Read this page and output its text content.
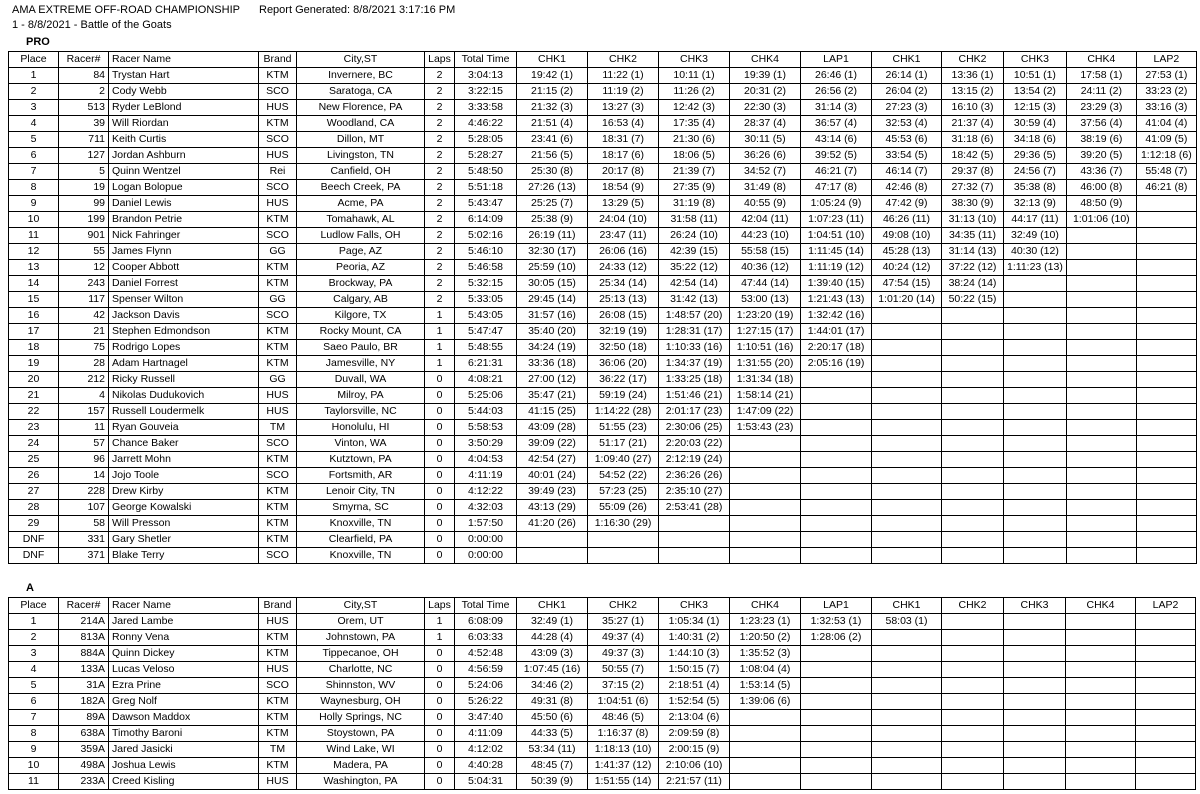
AMA EXTREME OFF-ROAD CHAMPIONSHIP Report Generated: 8/8/2021 3:17:16 PM
1 - 8/8/2021 - Battle of the Goats
PRO
Place	Racer#	Racer Name	Brand	City,ST	Laps	Total Time	CHK1	CHK2	CHK3	CHK4	LAP1	CHK1	CHK2	CHK3	CHK4	LAP2
1	84	Trystan Hart	KTM	Invernere, BC	2	3:04:13	19:42 (1)	11:22 (1)	10:11 (1)	19:39 (1)	26:46 (1)	26:14 (1)	13:36 (1)	10:51 (1)	17:58 (1)	27:53 (1)
2	2	Cody Webb	SCO	Saratoga, CA	2	3:22:15	21:15 (2)	11:19 (2)	11:26 (2)	20:31 (2)	26:56 (2)	26:04 (2)	13:15 (2)	13:54 (2)	24:11 (2)	33:23 (2)
3	513	Ryder LeBlond	HUS	New Florence, PA	2	3:33:58	21:32 (3)	13:27 (3)	12:42 (3)	22:30 (3)	31:14 (3)	27:23 (3)	16:10 (3)	12:15 (3)	23:29 (3)	33:16 (3)
4	39	Will Riordan	KTM	Woodland, CA	2	4:46:22	21:51 (4)	16:53 (4)	17:35 (4)	28:37 (4)	36:57 (4)	32:53 (4)	21:37 (4)	30:59 (4)	37:56 (4)	41:04 (4)
5	711	Keith Curtis	SCO	Dillon, MT	2	5:28:05	23:41 (6)	18:31 (7)	21:30 (6)	30:11 (5)	43:14 (6)	45:53 (6)	31:18 (6)	34:18 (6)	38:19 (6)	41:09 (5)
6	127	Jordan Ashburn	HUS	Livingston, TN	2	5:28:27	21:56 (5)	18:17 (6)	18:06 (5)	36:26 (6)	39:52 (5)	33:54 (5)	18:42 (5)	29:36 (5)	39:20 (5)	1:12:18 (6)
7	5	Quinn Wentzel	Rei	Canfield, OH	2	5:48:50	25:30 (8)	20:17 (8)	21:39 (7)	34:52 (7)	46:21 (7)	46:14 (7)	29:37 (8)	24:56 (7)	43:36 (7)	55:48 (7)
8	19	Logan Bolopue	SCO	Beech Creek, PA	2	5:51:18	27:26 (13)	18:54 (9)	27:35 (9)	31:49 (8)	47:17 (8)	42:46 (8)	27:32 (7)	35:38 (8)	46:00 (8)	46:21 (8)
9	99	Daniel Lewis	HUS	Acme, PA	2	5:43:47	25:25 (7)	13:29 (5)	31:19 (8)	40:55 (9)	1:05:24 (9)	47:42 (9)	38:30 (9)	32:13 (9)	48:50 (9)	
10	199	Brandon Petrie	KTM	Tomahawk, AL	2	6:14:09	25:38 (9)	24:04 (10)	31:58 (11)	42:04 (11)	1:07:23 (11)	46:26 (11)	31:13 (10)	44:17 (11)	1:01:06 (10)	
11	901	Nick Fahringer	SCO	Ludlow Falls, OH	2	5:02:16	26:19 (11)	23:47 (11)	26:24 (10)	44:23 (10)	1:04:51 (10)	49:08 (10)	34:35 (11)	32:49 (10)		
12	55	James Flynn	GG	Page, AZ	2	5:46:10	32:30 (17)	26:06 (16)	42:39 (15)	55:58 (15)	1:11:45 (14)	45:28 (13)	31:14 (13)	40:30 (12)		
13	12	Cooper Abbott	KTM	Peoria, AZ	2	5:46:58	25:59 (10)	24:33 (12)	35:22 (12)	40:36 (12)	1:11:19 (12)	40:24 (12)	37:22 (12)	1:11:23 (13)		
14	243	Daniel Forrest	KTM	Brockway, PA	2	5:32:15	30:05 (15)	25:34 (14)	42:54 (14)	47:44 (14)	1:39:40 (15)	47:54 (15)	38:24 (14)			
15	117	Spenser Wilton	GG	Calgary, AB	2	5:33:05	29:45 (14)	25:13 (13)	31:42 (13)	53:00 (13)	1:21:43 (13)	1:01:20 (14)	50:22 (15)			
16	42	Jackson Davis	SCO	Kilgore, TX	1	5:43:05	31:57 (16)	26:08 (15)	1:48:57 (20)	1:23:20 (19)	1:32:42 (16)					
17	21	Stephen Edmondson	KTM	Rocky Mount, CA	1	5:47:47	35:40 (20)	32:19 (19)	1:28:31 (17)	1:27:15 (17)	1:44:01 (17)					
18	75	Rodrigo Lopes	KTM	Saeo Paulo, BR	1	5:48:55	34:24 (19)	32:50 (18)	1:10:33 (16)	1:10:51 (16)	2:20:17 (18)					
19	28	Adam Hartnagel	KTM	Jamesville, NY	1	6:21:31	33:36 (18)	36:06 (20)	1:34:37 (19)	1:31:55 (20)	2:05:16 (19)					
20	212	Ricky Russell	GG	Duvall, WA	0	4:08:21	27:00 (12)	36:22 (17)	1:33:25 (18)	1:31:34 (18)						
21	4	Nikolas Dudukovich	HUS	Milroy, PA	0	5:25:06	35:47 (21)	59:19 (24)	1:51:46 (21)	1:58:14 (21)						
22	157	Russell Loudermelk	HUS	Taylorsville, NC	0	5:44:03	41:15 (25)	1:14:22 (28)	2:01:17 (23)	1:47:09 (22)						
23	11	Ryan Gouveia	TM	Honolulu, HI	0	5:58:53	43:09 (28)	51:55 (23)	2:30:06 (25)	1:53:43 (23)						
24	57	Chance Baker	SCO	Vinton, WA	0	3:50:29	39:09 (22)	51:17 (21)	2:20:03 (22)							
25	96	Jarrett Mohn	KTM	Kutztown, PA	0	4:04:53	42:54 (27)	1:09:40 (27)	2:12:19 (24)							
26	14	Jojo Toole	SCO	Fortsmith, AR	0	4:11:19	40:01 (24)	54:52 (22)	2:36:26 (26)							
27	228	Drew Kirby	KTM	Lenoir City, TN	0	4:12:22	39:49 (23)	57:23 (25)	2:35:10 (27)							
28	107	George Kowalski	KTM	Smyrna, SC	0	4:32:03	43:13 (29)	55:09 (26)	2:53:41 (28)							
29	58	Will Presson	KTM	Knoxville, TN	0	1:57:50	41:20 (26)	1:16:30 (29)								
DNF	331	Gary Shetler	KTM	Clearfield, PA	0	0:00:00										
DNF	371	Blake Terry	SCO	Knoxville, TN	0	0:00:00										
A
Place	Racer#	Racer Name	Brand	City,ST	Laps	Total Time	CHK1	CHK2	CHK3	CHK4	LAP1	CHK1	CHK2	CHK3	CHK4	LAP2
1	214A	Jared Lambe	HUS	Orem, UT	1	6:08:09	32:49 (1)	35:27 (1)	1:05:34 (1)	1:23:23 (1)	1:32:53 (1)	58:03 (1)				
2	813A	Ronny Vena	KTM	Johnstown, PA	1	6:03:33	44:28 (4)	49:37 (4)	1:40:31 (2)	1:20:50 (2)	1:28:06 (2)					
3	884A	Quinn Dickey	KTM	Tippecanoe, OH	0	4:52:48	43:09 (3)	49:37 (3)	1:44:10 (3)	1:35:52 (3)						
4	133A	Lucas Veloso	HUS	Charlotte, NC	0	4:56:59	1:07:45 (16)	50:55 (7)	1:50:15 (7)	1:08:04 (4)						
5	31A	Ezra Prine	SCO	Shinnston, WV	0	5:24:06	34:46 (2)	37:15 (2)	2:18:51 (4)	1:53:14 (5)						
6	182A	Greg Nolf	KTM	Waynesburg, OH	0	5:26:22	49:31 (8)	1:04:51 (6)	1:52:54 (5)	1:39:06 (6)						
7	89A	Dawson Maddox	KTM	Holly Springs, NC	0	3:47:40	45:50 (6)	48:46 (5)	2:13:04 (6)							
8	638A	Timothy Baroni	KTM	Stoystown, PA	0	4:11:09	44:33 (5)	1:16:37 (8)	2:09:59 (8)							
9	359A	Jared Jasicki	TM	Wind Lake, WI	0	4:12:02	53:34 (11)	1:18:13 (10)	2:00:15 (9)							
10	498A	Joshua Lewis	KTM	Madera, PA	0	4:40:28	48:45 (7)	1:41:37 (12)	2:10:06 (10)							
11	233A	Creed Kisling	HUS	Washington, PA	0	5:04:31	50:39 (9)	1:51:55 (14)	2:21:57 (11)							
